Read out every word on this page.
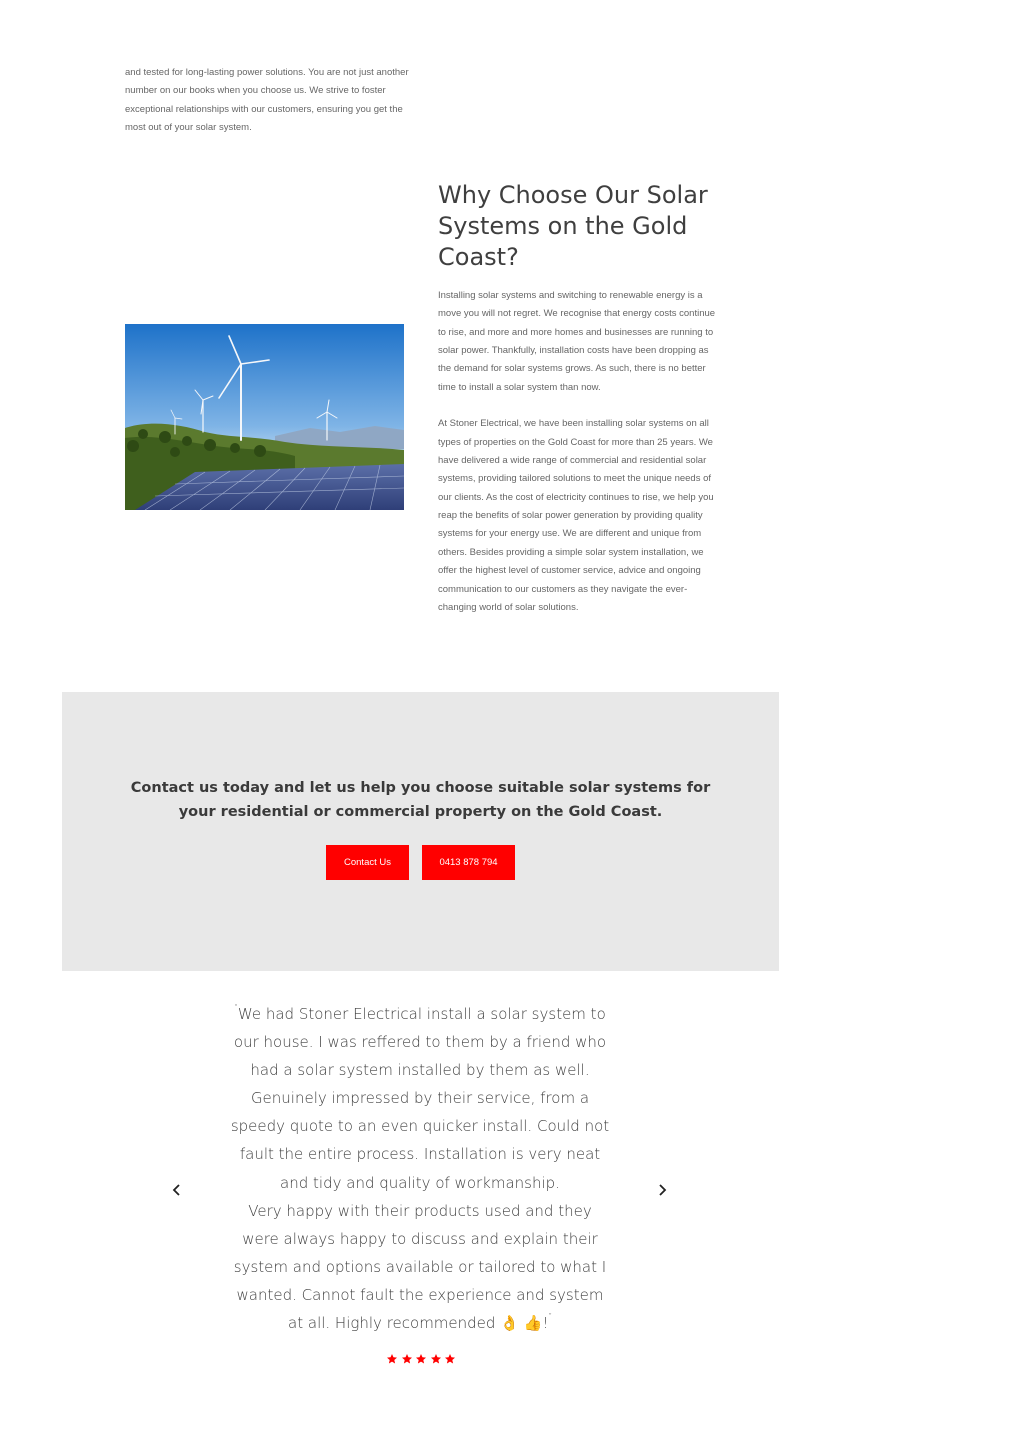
and tested for long-lasting power solutions. You are not just another number on our books when you choose us. We strive to foster exceptional relationships with our customers, ensuring you get the most out of your solar system.
Why Choose Our Solar Systems on the Gold Coast?

Installing solar systems and switching to renewable energy is a move you will not regret. We recognise that energy costs continue to rise, and more and more homes and businesses are running to solar power. Thankfully, installation costs have been dropping as the demand for solar systems grows. As such, there is no better time to install a solar system than now.

At Stoner Electrical, we have been installing solar systems on all types of properties on the Gold Coast for more than 25 years. We have delivered a wide range of commercial and residential solar systems, providing tailored solutions to meet the unique needs of our clients. As the cost of electricity continues to rise, we help you reap the benefits of solar power generation by providing quality systems for your energy use. We are different and unique from others. Besides providing a simple solar system installation, we offer the highest level of customer service, advice and ongoing communication to our customers as they navigate the ever-changing world of solar solutions.

Contact us today and let us help you choose suitable solar systems for your residential or commercial property on the Gold Coast.
Contact Us	0413 878 794
“We had Stoner Electrical install a solar system to our house. I was reffered to them by a friend who had a solar system installed by them as well. Genuinely impressed by their service, from a speedy quote to an even quicker install. Could not fault the entire process. Installation is very neat and tidy and quality of workmanship.
Very happy with their products used and they were always happy to discuss and explain their system and options available or tailored to what I wanted. Cannot fault the experience and system at all. Highly recommended 👌 👍!”
